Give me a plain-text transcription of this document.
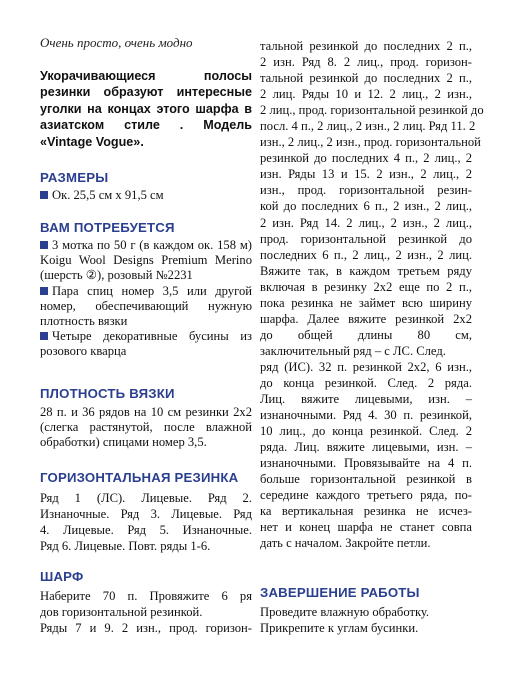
Очень просто, очень модно
Укорачивающиеся полосы резинки образуют интересные уголки на концах этого шарфа в азиатском стиле . Модель «Vintage Vogue».
РАЗМЕРЫ

Ок. 25,5 см х 91,5 см

ВАМ ПОТРЕБУЕТСЯ

3 мотка по 50 г (в каждом ок. 158 м) Koigu Wool Designs Premium Merino (шерсть ②), розовый №2231

Пара спиц номер 3,5 или другой номер, обеспечивающий нужную плотность вязки

Четыре декоративные бусины из розового кварца

ПЛОТНОСТЬ ВЯЗКИ
28 п. и 36 рядов на 10 см резинки 2х2 (слегка растянутой, после влажной обработки) спицами номер 3,5.
ГОРИЗОНТАЛЬНАЯ РЕЗИНКА
Ряд 1 (ЛС). Лицевые. Ряд 2.
Изнаночные. Ряд 3. Лицевые. Ряд
4. Лицевые. Ряд 5. Изнаночные.
Ряд 6. Лицевые. Повт. ряды 1-6.
ШАРФ
Наберите 70 п. Провяжите 6 ря
дов горизонтальной резинкой.
Ряды 7 и 9. 2 изн., прод. горизон-
тальной резинкой до последних 2 п.,
2 изн. Ряд 8. 2 лиц., прод. горизон-
тальной резинкой до последних 2 п.,
2 лиц. Ряды 10 и 12. 2 лиц., 2 изн.,
2 лиц., прод. горизонтальной резинкой до
посл. 4 п., 2 лиц., 2 изн., 2 лиц. Ряд 11. 2
изн., 2 лиц., 2 изн., прод. горизонтальной
резинкой до последних 4 п., 2 лиц., 2
изн. Ряды 13 и 15. 2 изн., 2 лиц., 2
изн., прод. горизонтальной резин-
кой до последних 6 п., 2 изн., 2 лиц.,
2 изн. Ряд 14. 2 лиц., 2 изн., 2 лиц.,
прод. горизонтальной резинкой до
последних 6 п., 2 лиц., 2 изн., 2 лиц.
Вяжите так, в каждом третьем ряду
включая в резинку 2х2 еще по 2 п.,
пока резинка не займет всю ширину
шарфа. Далее вяжите резинкой 2х2
до общей длины 80 см,
заключительный ряд – с ЛС. След.
ряд (ИС). 32 п. резинкой 2х2, 6 изн.,
до конца резинкой. След. 2 ряда.
Лиц. вяжите лицевыми, изн. –
изнаночными. Ряд 4. 30 п. резинкой,
10 лиц., до конца резинкой. След. 2
ряда. Лиц. вяжите лицевыми, изн. –
изнаночными. Провязывайте на 4 п.
больше горизонтальной резинкой в
середине каждого третьего ряда, по-
ка вертикальная резинка не исчез-
нет и конец шарфа не станет совпа
дать с началом. Закройте петли.
ЗАВЕРШЕНИЕ РАБОТЫ
Проведите влажную обработку.
Прикрепите к углам бусинки.
